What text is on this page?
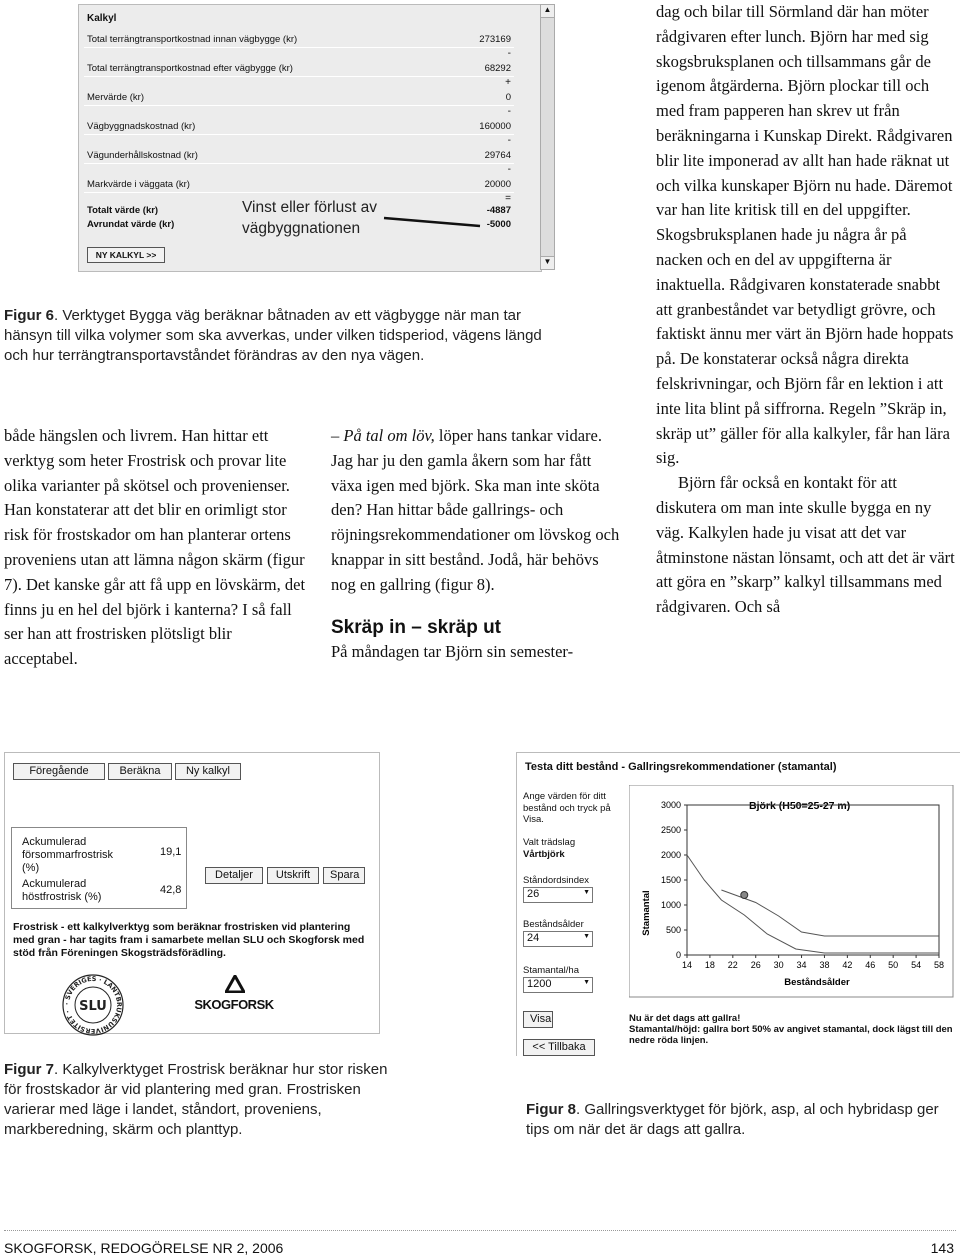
Kalkyl
Total terrängtransportkostnad innan vägbygge (kr)	273169
-
Total terrängtransportkostnad efter vägbygge (kr)	68292
+
Mervärde (kr)	0
-
Vägbyggnadskostnad (kr)	160000
-
Vägunderhållskostnad (kr)	29764
-
Markvärde i väggata (kr)	20000
=
Totalt värde (kr)	-4887
Avrundat värde (kr)	-5000
NY KALKYL >>
▲
▼
Vinst eller förlust av
vägbyggnationen
Figur 6. Verktyget Bygga väg beräknar båtnaden av ett vägbygge när man tar hänsyn till vilka volymer som ska avverkas, under vilken tidsperiod, vägens längd och hur terrängtransportavståndet förändras av den nya vägen.

både hängslen och livrem. Han hittar ett verktyg som heter Frostrisk och provar lite olika varianter på skötsel och provenienser. Han konstaterar att det blir en orimligt stor risk för frostskador om han planterar ortens proveniens utan att lämna någon skärm (figur 7). Det kanske går att få upp en lövskärm, det finns ju en hel del björk i kanterna? I så fall ser han att frostrisken plötsligt blir acceptabel.

– På tal om löv, löper hans tankar vidare. Jag har ju den gamla åkern som har fått växa igen med björk. Ska man inte sköta den? Han hittar både gallrings- och röjningsrekommendationer om lövskog och knappar in sitt bestånd. Jodå, här behövs nog en gallring (figur 8).

Skräp in – skräp ut

På måndagen tar Björn sin semester-

dag och bilar till Sörmland där han möter rådgivaren efter lunch. Björn har med sig skogsbruksplanen och tillsammans går de igenom åtgärderna. Björn plockar till och med fram papperen han skrev ut från beräkningarna i Kunskap Direkt. Rådgivaren blir lite imponerad av allt han hade räknat ut och vilka kunskaper Björn nu hade. Däremot var han lite kritisk till en del uppgifter. Skogsbruksplanen hade ju några år på nacken och en del av uppgifterna är inaktuella. Rådgivaren konstaterade snabbt att granbeståndet var betydligt grövre, och faktiskt ännu mer värt än Björn hade hoppats på. De konstaterar också några direkta felskrivningar, och Björn får en lektion i att inte lita blint på siffrorna. Regeln ”Skräp in, skräp ut” gäller för alla kalkyler, får han lära sig.

Björn får också en kontakt för att diskutera om man inte skulle bygga en ny väg. Kalkylen hade ju visat att det var åtminstone nästan lönsamt, och att det är värt att göra en ”skarp” kalkyl tillsammans med rådgivaren. Och så

Föregående	Beräkna	Ny kalkyl
Ackumulerad försommarfrostrisk (%)
19,1
Ackumulerad höstfrostrisk (%)
42,8
Detaljer	Utskrift	Spara
Frostrisk - ett kalkylverktyg som beräknar frostrisken vid plantering med gran - har tagits fram i samarbete mellan SLU och Skogforsk med stöd från Föreningen Skogsträdsförädling.
· SVERIGES · LANTBRUKSUNIVERSITET · SLU	SKOGFORSK
Figur 7. Kalkylverktyget Frostrisk beräknar hur stor risken för frostskador är vid plantering med gran. Frostrisken varierar med läge i landet, ståndort, proveniens, markberedning, skärm och planttyp.
Testa ditt bestånd - Gallringsrekommendationer (stamantal)
Ange värden för ditt bestånd och tryck på Visa.
Valt trädslag
Vårtbjörk
Ståndordsindex
26	▼
Beståndsålder
24	▼
Stamantal/ha
1200	▼
Visa
<< Tillbaka
Björk (H50=25-27 m)
Stamantal
Beståndsålder
0
500
1000
1500
2000
2500
3000
14 18 22 26 30 34 38 42 46 50 54 58
Nu är det dags att gallra!
Stamantal/höjd: gallra bort 50% av angivet stamantal, dock lägst till den nedre röda linjen.
Figur 8. Gallringsverktyget för björk, asp, al och hybridasp ger tips om när det är dags att gallra.
SKOGFORSK, REDOGÖRELSE NR 2, 2006	143
